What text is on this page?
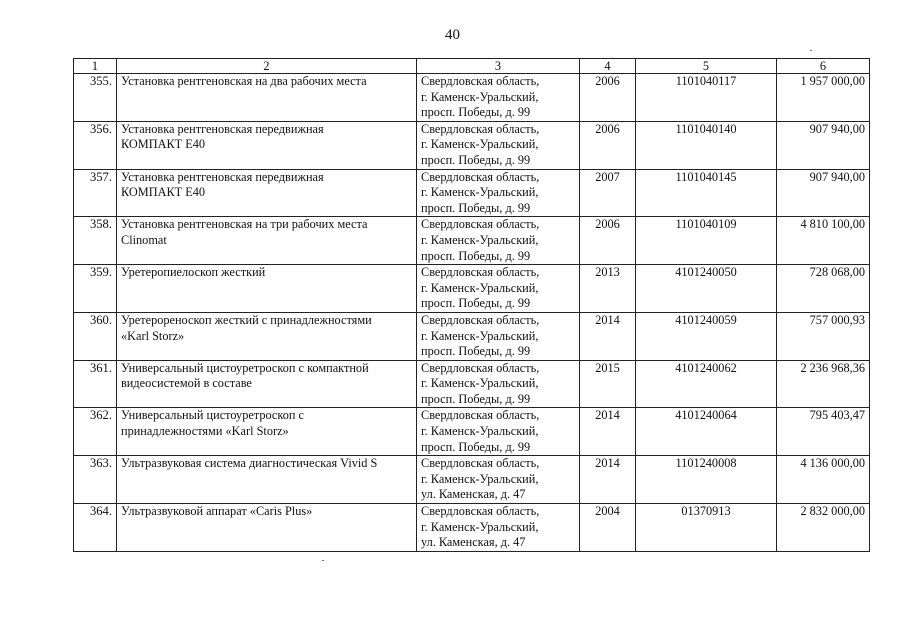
40
1	2	3	4	5	6
355.	Установка рентгеновская на два рабочих места	Свердловская область,
г. Каменск-Уральский,
просп. Победы, д. 99	2006	1101040117	1 957 000,00
356.	Установка рентгеновская передвижная
КОМПАКТ Е40	Свердловская область,
г. Каменск-Уральский,
просп. Победы, д. 99	2006	1101040140	907 940,00
357.	Установка рентгеновская передвижная
КОМПАКТ Е40	Свердловская область,
г. Каменск-Уральский,
просп. Победы, д. 99	2007	1101040145	907 940,00
358.	Установка рентгеновская на три рабочих места
Clinomat	Свердловская область,
г. Каменск-Уральский,
просп. Победы, д. 99	2006	1101040109	4 810 100,00
359.	Уретеропиелоскоп жесткий	Свердловская область,
г. Каменск-Уральский,
просп. Победы, д. 99	2013	4101240050	728 068,00
360.	Уретерореноскоп жесткий с принадлежностями
«Karl Storz»	Свердловская область,
г. Каменск-Уральский,
просп. Победы, д. 99	2014	4101240059	757 000,93
361.	Универсальный цистоуретроскоп с компактной
видеосистемой в составе	Свердловская область,
г. Каменск-Уральский,
просп. Победы, д. 99	2015	4101240062	2 236 968,36
362.	Универсальный цистоуретроскоп с
принадлежностями «Karl Storz»	Свердловская область,
г. Каменск-Уральский,
просп. Победы, д. 99	2014	4101240064	795 403,47
363.	Ультразвуковая система диагностическая Vivid S	Свердловская область,
г. Каменск-Уральский,
ул. Каменская, д. 47	2014	1101240008	4 136 000,00
364.	Ультразвуковой аппарат «Caris Plus»	Свердловская область,
г. Каменск-Уральский,
ул. Каменская, д. 47	2004	01370913	2 832 000,00
